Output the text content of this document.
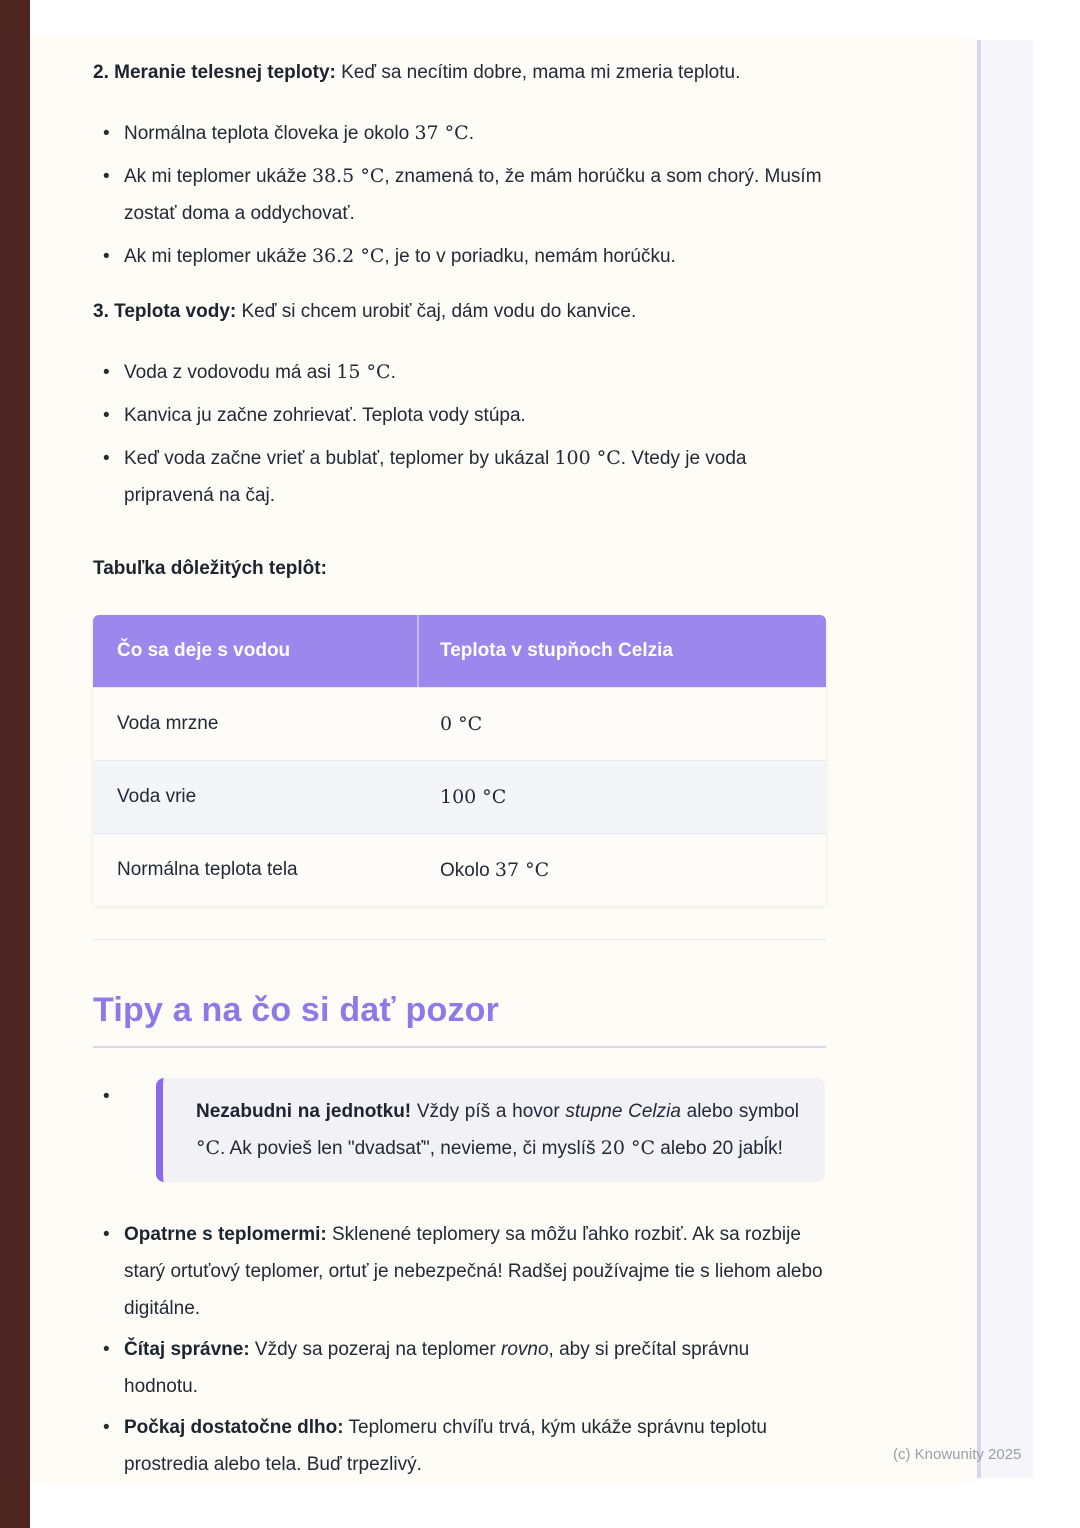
2. Meranie telesnej teploty: Keď sa necítim dobre, mama mi zmeria teplotu.

• Normálna teplota človeka je okolo 37 °C.
• Ak mi teplomer ukáže 38.5 °C, znamená to, že mám horúčku a som chorý. Musím zostať doma a oddychovať.
• Ak mi teplomer ukáže 36.2 °C, je to v poriadku, nemám horúčku.

3. Teplota vody: Keď si chcem urobiť čaj, dám vodu do kanvice.

• Voda z vodovodu má asi 15 °C.
• Kanvica ju začne zohrievať. Teplota vody stúpa.
• Keď voda začne vrieť a bublať, teplomer by ukázal 100 °C. Vtedy je voda pripravená na čaj.
Tabuľka dôležitých teplôt:
Čo sa deje s vodou	Teplota v stupňoch Celzia
Voda mrzne	0 °C
Voda vrie	100 °C
Normálna teplota tela	Okolo 37 °C
Tipy a na čo si dať pozor
• Nezabudni na jednotku! Vždy píš a hovor stupne Celzia alebo symbol °C. Ak povieš len "dvadsať", nevieme, či myslíš 20 °C alebo 20 jabĺk!
• Opatrne s teplomermi: Sklenené teplomery sa môžu ľahko rozbiť. Ak sa rozbije starý ortuťový teplomer, ortuť je nebezpečná! Radšej používajme tie s liehom alebo digitálne.
• Čítaj správne: Vždy sa pozeraj na teplomer rovno, aby si prečítal správnu hodnotu.
• Počkaj dostatočne dlho: Teplomeru chvíľu trvá, kým ukáže správnu teplotu prostredia alebo tela. Buď trpezlivý.	(c) Knowunity 2025
